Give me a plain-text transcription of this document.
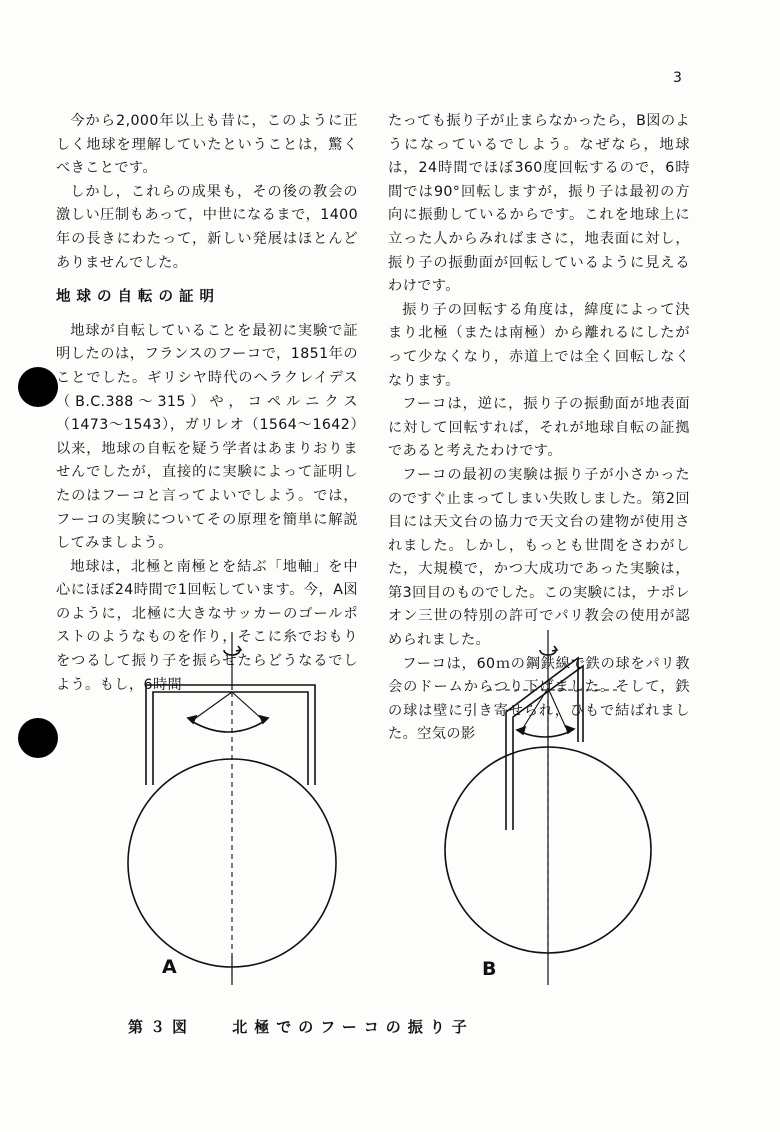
3

今から2,000年以上も昔に，このように正しく地球を理解していたということは，驚くべきことです。

しかし，これらの成果も，その後の教会の激しい圧制もあって，中世になるまで，1400年の長きにわたって，新しい発展はほとんどありませんでした。

地球の自転の証明

地球が自転していることを最初に実験で証明したのは，フランスのフーコで，1851年のことでした。ギリシヤ時代のヘラクレイデス（B.C.388〜315）や，コペルニクス（1473〜1543），ガリレオ（1564〜1642）以来，地球の自転を疑う学者はあまりおりませんでしたが，直接的に実験によって証明したのはフーコと言ってよいでしよう。では，フーコの実験についてその原理を簡単に解説してみましよう。

地球は，北極と南極とを結ぶ「地軸」を中心にほぼ24時間で1回転しています。今，A図のように，北極に大きなサッカーのゴールポストのようなものを作り，そこに糸でおもりをつるして振り子を振らせたらどうなるでしよう。もし，6時間

たっても振り子が止まらなかったら，B図のようになっているでしよう。なぜなら，地球は，24時間でほぼ360度回転するので，6時間では90°回転しますが，振り子は最初の方向に振動しているからです。これを地球上に立った人からみればまさに，地表面に対し，振り子の振動面が回転しているように見えるわけです。

振り子の回転する角度は，緯度によって決まり北極（または南極）から離れるにしたがって少なくなり，赤道上では全く回転しなくなります。

フーコは，逆に，振り子の振動面が地表面に対して回転すれば，それが地球自転の証拠であると考えたわけです。

フーコの最初の実験は振り子が小さかったのですぐ止まってしまい失敗しました。第2回目には天文台の協力で天文台の建物が使用されました。しかし，もっとも世間をさわがした，大規模で，かつ大成功であった実験は，第3回目のものでした。この実験には，ナポレオン三世の特別の許可でパリ教会の使用が認められました。

フーコは，60ｍの鋼鉄線で鉄の球をパリ教会のドームからつり下げました。そして，鉄の球は壁に引き寄せられ，ひもで結ばれました。空気の影

A	B
第３図	北極でのフーコの振り子
